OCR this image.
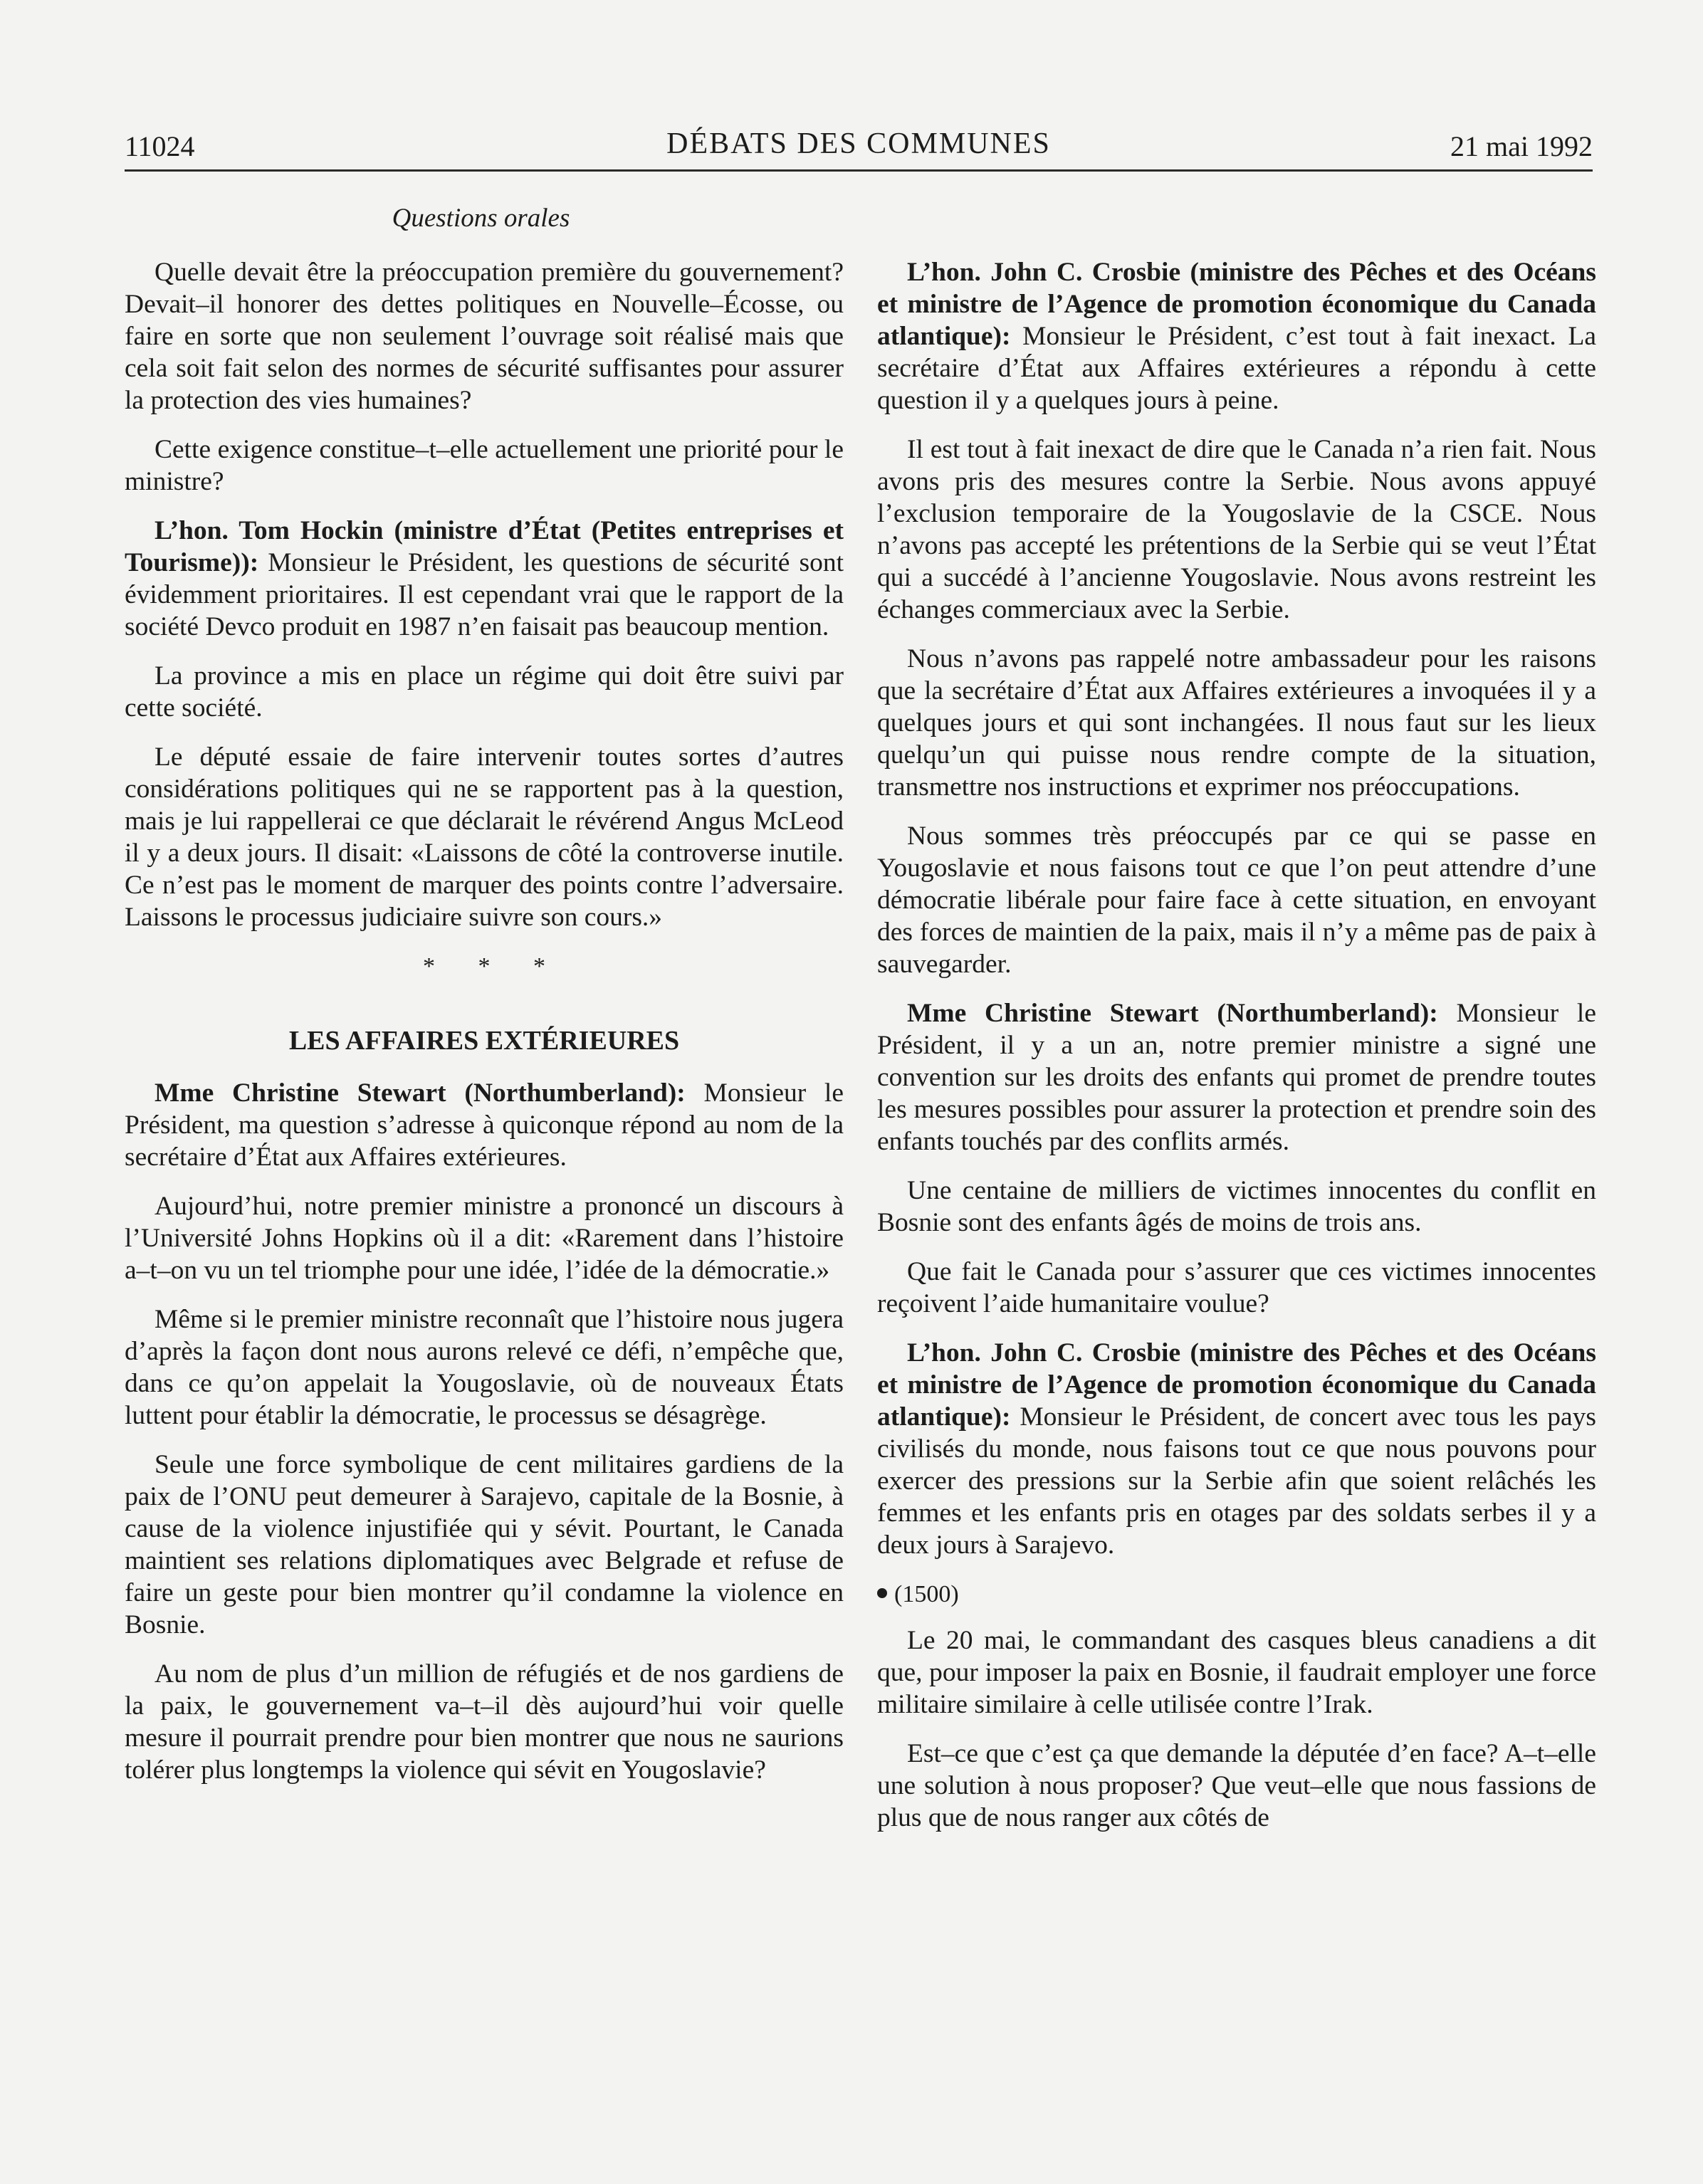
11024	DÉBATS DES COMMUNES	21 mai 1992
Questions orales

Quelle devait être la préoccupation première du gouvernement? Devait–il honorer des dettes politiques en Nouvelle–Écosse, ou faire en sorte que non seulement l’ouvrage soit réalisé mais que cela soit fait selon des normes de sécurité suffisantes pour assurer la protection des vies humaines?

Cette exigence constitue–t–elle actuellement une priorité pour le ministre?

L’hon. Tom Hockin (ministre d’État (Petites entreprises et Tourisme)): Monsieur le Président, les questions de sécurité sont évidemment prioritaires. Il est cependant vrai que le rapport de la société Devco produit en 1987 n’en faisait pas beaucoup mention.

La province a mis en place un régime qui doit être suivi par cette société.

Le député essaie de faire intervenir toutes sortes d’autres considérations politiques qui ne se rapportent pas à la question, mais je lui rappellerai ce que déclarait le révérend Angus McLeod il y a deux jours. Il disait: «Laissons de côté la controverse inutile. Ce n’est pas le moment de marquer des points contre l’adversaire. Laissons le processus judiciaire suivre son cours.»

* * *
LES AFFAIRES EXTÉRIEURES

Mme Christine Stewart (Northumberland): Monsieur le Président, ma question s’adresse à quiconque répond au nom de la secrétaire d’État aux Affaires extérieures.

Aujourd’hui, notre premier ministre a prononcé un discours à l’Université Johns Hopkins où il a dit: «Rarement dans l’histoire a–t–on vu un tel triomphe pour une idée, l’idée de la démocratie.»

Même si le premier ministre reconnaît que l’histoire nous jugera d’après la façon dont nous aurons relevé ce défi, n’empêche que, dans ce qu’on appelait la Yougoslavie, où de nouveaux États luttent pour établir la démocratie, le processus se désagrège.

Seule une force symbolique de cent militaires gardiens de la paix de l’ONU peut demeurer à Sarajevo, capitale de la Bosnie, à cause de la violence injustifiée qui y sévit. Pourtant, le Canada maintient ses relations diplomatiques avec Belgrade et refuse de faire un geste pour bien montrer qu’il condamne la violence en Bosnie.

Au nom de plus d’un million de réfugiés et de nos gardiens de la paix, le gouvernement va–t–il dès aujourd’hui voir quelle mesure il pourrait prendre pour bien montrer que nous ne saurions tolérer plus longtemps la violence qui sévit en Yougoslavie?

L’hon. John C. Crosbie (ministre des Pêches et des Océans et ministre de l’Agence de promotion économique du Canada atlantique): Monsieur le Président, c’est tout à fait inexact. La secrétaire d’État aux Affaires extérieures a répondu à cette question il y a quelques jours à peine.

Il est tout à fait inexact de dire que le Canada n’a rien fait. Nous avons pris des mesures contre la Serbie. Nous avons appuyé l’exclusion temporaire de la Yougoslavie de la CSCE. Nous n’avons pas accepté les prétentions de la Serbie qui se veut l’État qui a succédé à l’ancienne Yougoslavie. Nous avons restreint les échanges commerciaux avec la Serbie.

Nous n’avons pas rappelé notre ambassadeur pour les raisons que la secrétaire d’État aux Affaires extérieures a invoquées il y a quelques jours et qui sont inchangées. Il nous faut sur les lieux quelqu’un qui puisse nous rendre compte de la situation, transmettre nos instructions et exprimer nos préoccupations.

Nous sommes très préoccupés par ce qui se passe en Yougoslavie et nous faisons tout ce que l’on peut attendre d’une démocratie libérale pour faire face à cette situation, en envoyant des forces de maintien de la paix, mais il n’y a même pas de paix à sauvegarder.

Mme Christine Stewart (Northumberland): Monsieur le Président, il y a un an, notre premier ministre a signé une convention sur les droits des enfants qui promet de prendre toutes les mesures possibles pour assurer la protection et prendre soin des enfants touchés par des conflits armés.

Une centaine de milliers de victimes innocentes du conflit en Bosnie sont des enfants âgés de moins de trois ans.

Que fait le Canada pour s’assurer que ces victimes innocentes reçoivent l’aide humanitaire voulue?

L’hon. John C. Crosbie (ministre des Pêches et des Océans et ministre de l’Agence de promotion économique du Canada atlantique): Monsieur le Président, de concert avec tous les pays civilisés du monde, nous faisons tout ce que nous pouvons pour exercer des pressions sur la Serbie afin que soient relâchés les femmes et les enfants pris en otages par des soldats serbes il y a deux jours à Sarajevo.

(1500)

Le 20 mai, le commandant des casques bleus canadiens a dit que, pour imposer la paix en Bosnie, il faudrait employer une force militaire similaire à celle utilisée contre l’Irak.

Est–ce que c’est ça que demande la députée d’en face? A–t–elle une solution à nous proposer? Que veut–elle que nous fassions de plus que de nous ranger aux côtés de
